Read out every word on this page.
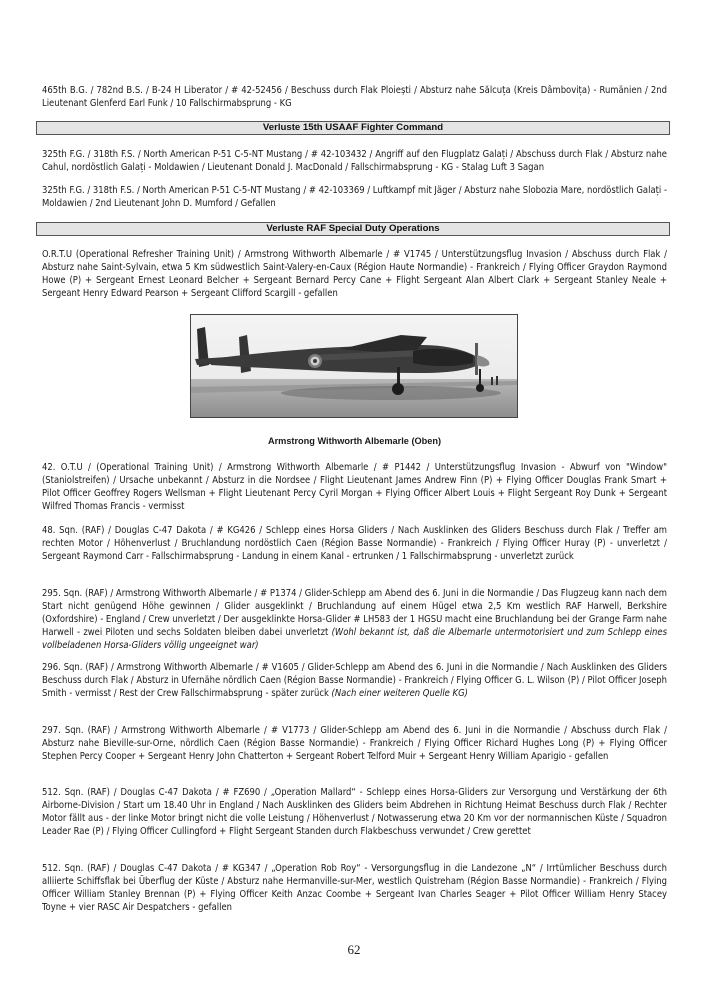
465th B.G. / 782nd B.S. / B-24 H Liberator / # 42-52456 / Beschuss durch Flak Ploiești / Absturz nahe Sălcuța (Kreis Dâmbovița) - Rumänien / 2nd Lieutenant Glenferd Earl Funk / 10 Fallschirmabsprung - KG

Verluste 15th USAAF Fighter Command

325th F.G. / 318th F.S. / North American P-51 C-5-NT Mustang / # 42-103432 / Angriff auf den Flugplatz Galați / Abschuss durch Flak / Absturz nahe Cahul, nordöstlich Galați - Moldawien / Lieutenant Donald J. MacDonald / Fallschirmabsprung - KG - Stalag Luft 3 Sagan

325th F.G. / 318th F.S. / North American P-51 C-5-NT Mustang / # 42-103369 / Luftkampf mit Jäger / Absturz nahe Slobozia Mare, nordöstlich Galați - Moldawien / 2nd Lieutenant John D. Mumford / Gefallen

Verluste RAF Special Duty Operations

O.R.T.U (Operational Refresher Training Unit) / Armstrong Withworth Albemarle / # V1745 / Unterstützungsflug Invasion / Abschuss durch Flak / Absturz nahe Saint-Sylvain, etwa 5 Km südwestlich Saint-Valery-en-Caux (Région Haute Normandie) - Frankreich / Flying Officer Graydon Raymond Howe (P) + Sergeant Ernest Leonard Belcher + Sergeant Bernard Percy Cane + Flight Sergeant Alan Albert Clark + Sergeant Stanley Neale + Sergeant Henry Edward Pearson + Sergeant Clifford Scargill - gefallen

Armstrong Withworth Albemarle (Oben)

42. O.T.U / (Operational Training Unit) / Armstrong Withworth Albemarle / # P1442 / Unterstützungsflug Invasion - Abwurf von "Window" (Staniolstreifen) / Ursache unbekannt / Absturz in die Nordsee / Flight Lieutenant James Andrew Finn (P) + Flying Officer Douglas Frank Smart + Pilot Officer Geoffrey Rogers Wellsman + Flight Lieutenant Percy Cyril Morgan + Flying Officer Albert Louis + Flight Sergeant Roy Dunk + Sergeant Wilfred Thomas Francis - vermisst

48. Sqn. (RAF) / Douglas C-47 Dakota / # KG426 / Schlepp eines Horsa Gliders / Nach Ausklinken des Gliders Beschuss durch Flak / Treffer am rechten Motor / Höhenverlust / Bruchlandung nordöstlich Caen (Région Basse Normandie) - Frankreich / Flying Officer Huray (P) - unverletzt / Sergeant Raymond Carr - Fallschirmabsprung - Landung in einem Kanal - ertrunken / 1 Fallschirmabsprung - unverletzt zurück

295. Sqn. (RAF) / Armstrong Withworth Albemarle / # P1374 / Glider-Schlepp am Abend des 6. Juni in die Normandie / Das Flugzeug kann nach dem Start nicht genügend Höhe gewinnen / Glider ausgeklinkt / Bruchlandung auf einem Hügel etwa 2,5 Km westlich RAF Harwell, Berkshire (Oxfordshire) - England / Crew unverletzt / Der ausgeklinkte Horsa-Glider # LH583 der 1 HGSU macht eine Bruchlandung bei der Grange Farm nahe Harwell - zwei Piloten und sechs Soldaten bleiben dabei unverletzt (Wohl bekannt ist, daß die Albemarle untermotorisiert und zum Schlepp eines vollbeladenen Horsa-Gliders völlig ungeeignet war)

296. Sqn. (RAF) / Armstrong Withworth Albemarle / # V1605 / Glider-Schlepp am Abend des 6. Juni in die Normandie / Nach Ausklinken des Gliders Beschuss durch Flak / Absturz in Ufernähe nördlich Caen (Région Basse Normandie) - Frankreich / Flying Officer G. L. Wilson (P) / Pilot Officer Joseph Smith - vermisst / Rest der Crew Fallschirmabsprung - später zurück (Nach einer weiteren Quelle KG)

297. Sqn. (RAF) / Armstrong Withworth Albemarle / # V1773 / Glider-Schlepp am Abend des 6. Juni in die Normandie / Abschuss durch Flak / Absturz nahe Bieville-sur-Orne, nördlich Caen (Région Basse Normandie) - Frankreich / Flying Officer Richard Hughes Long (P) + Flying Officer Stephen Percy Cooper + Sergeant Henry John Chatterton + Sergeant Robert Telford Muir + Sergeant Henry William Aparigio - gefallen

512. Sqn. (RAF) / Douglas C-47 Dakota / # FZ690 / „Operation Mallard“ - Schlepp eines Horsa-Gliders zur Versorgung und Verstärkung der 6th Airborne-Division / Start um 18.40 Uhr in England / Nach Ausklinken des Gliders beim Abdrehen in Richtung Heimat Beschuss durch Flak / Rechter Motor fällt aus - der linke Motor bringt nicht die volle Leistung / Höhenverlust / Notwasserung etwa 20 Km vor der normannischen Küste / Squadron Leader Rae (P) / Flying Officer Cullingford + Flight Sergeant Standen durch Flakbeschuss verwundet / Crew gerettet

512. Sqn. (RAF) / Douglas C-47 Dakota / # KG347 / „Operation Rob Roy“ - Versorgungsflug in die Landezone „N“ / Irrtümlicher Beschuss durch alliierte Schiffsflak bei Überflug der Küste / Absturz nahe Hermanville-sur-Mer, westlich Quistreham (Région Basse Normandie) - Frankreich / Flying Officer William Stanley Brennan (P) + Flying Officer Keith Anzac Coombe + Sergeant Ivan Charles Seager + Pilot Officer William Henry Stacey Toyne + vier RASC Air Despatchers - gefallen

62
